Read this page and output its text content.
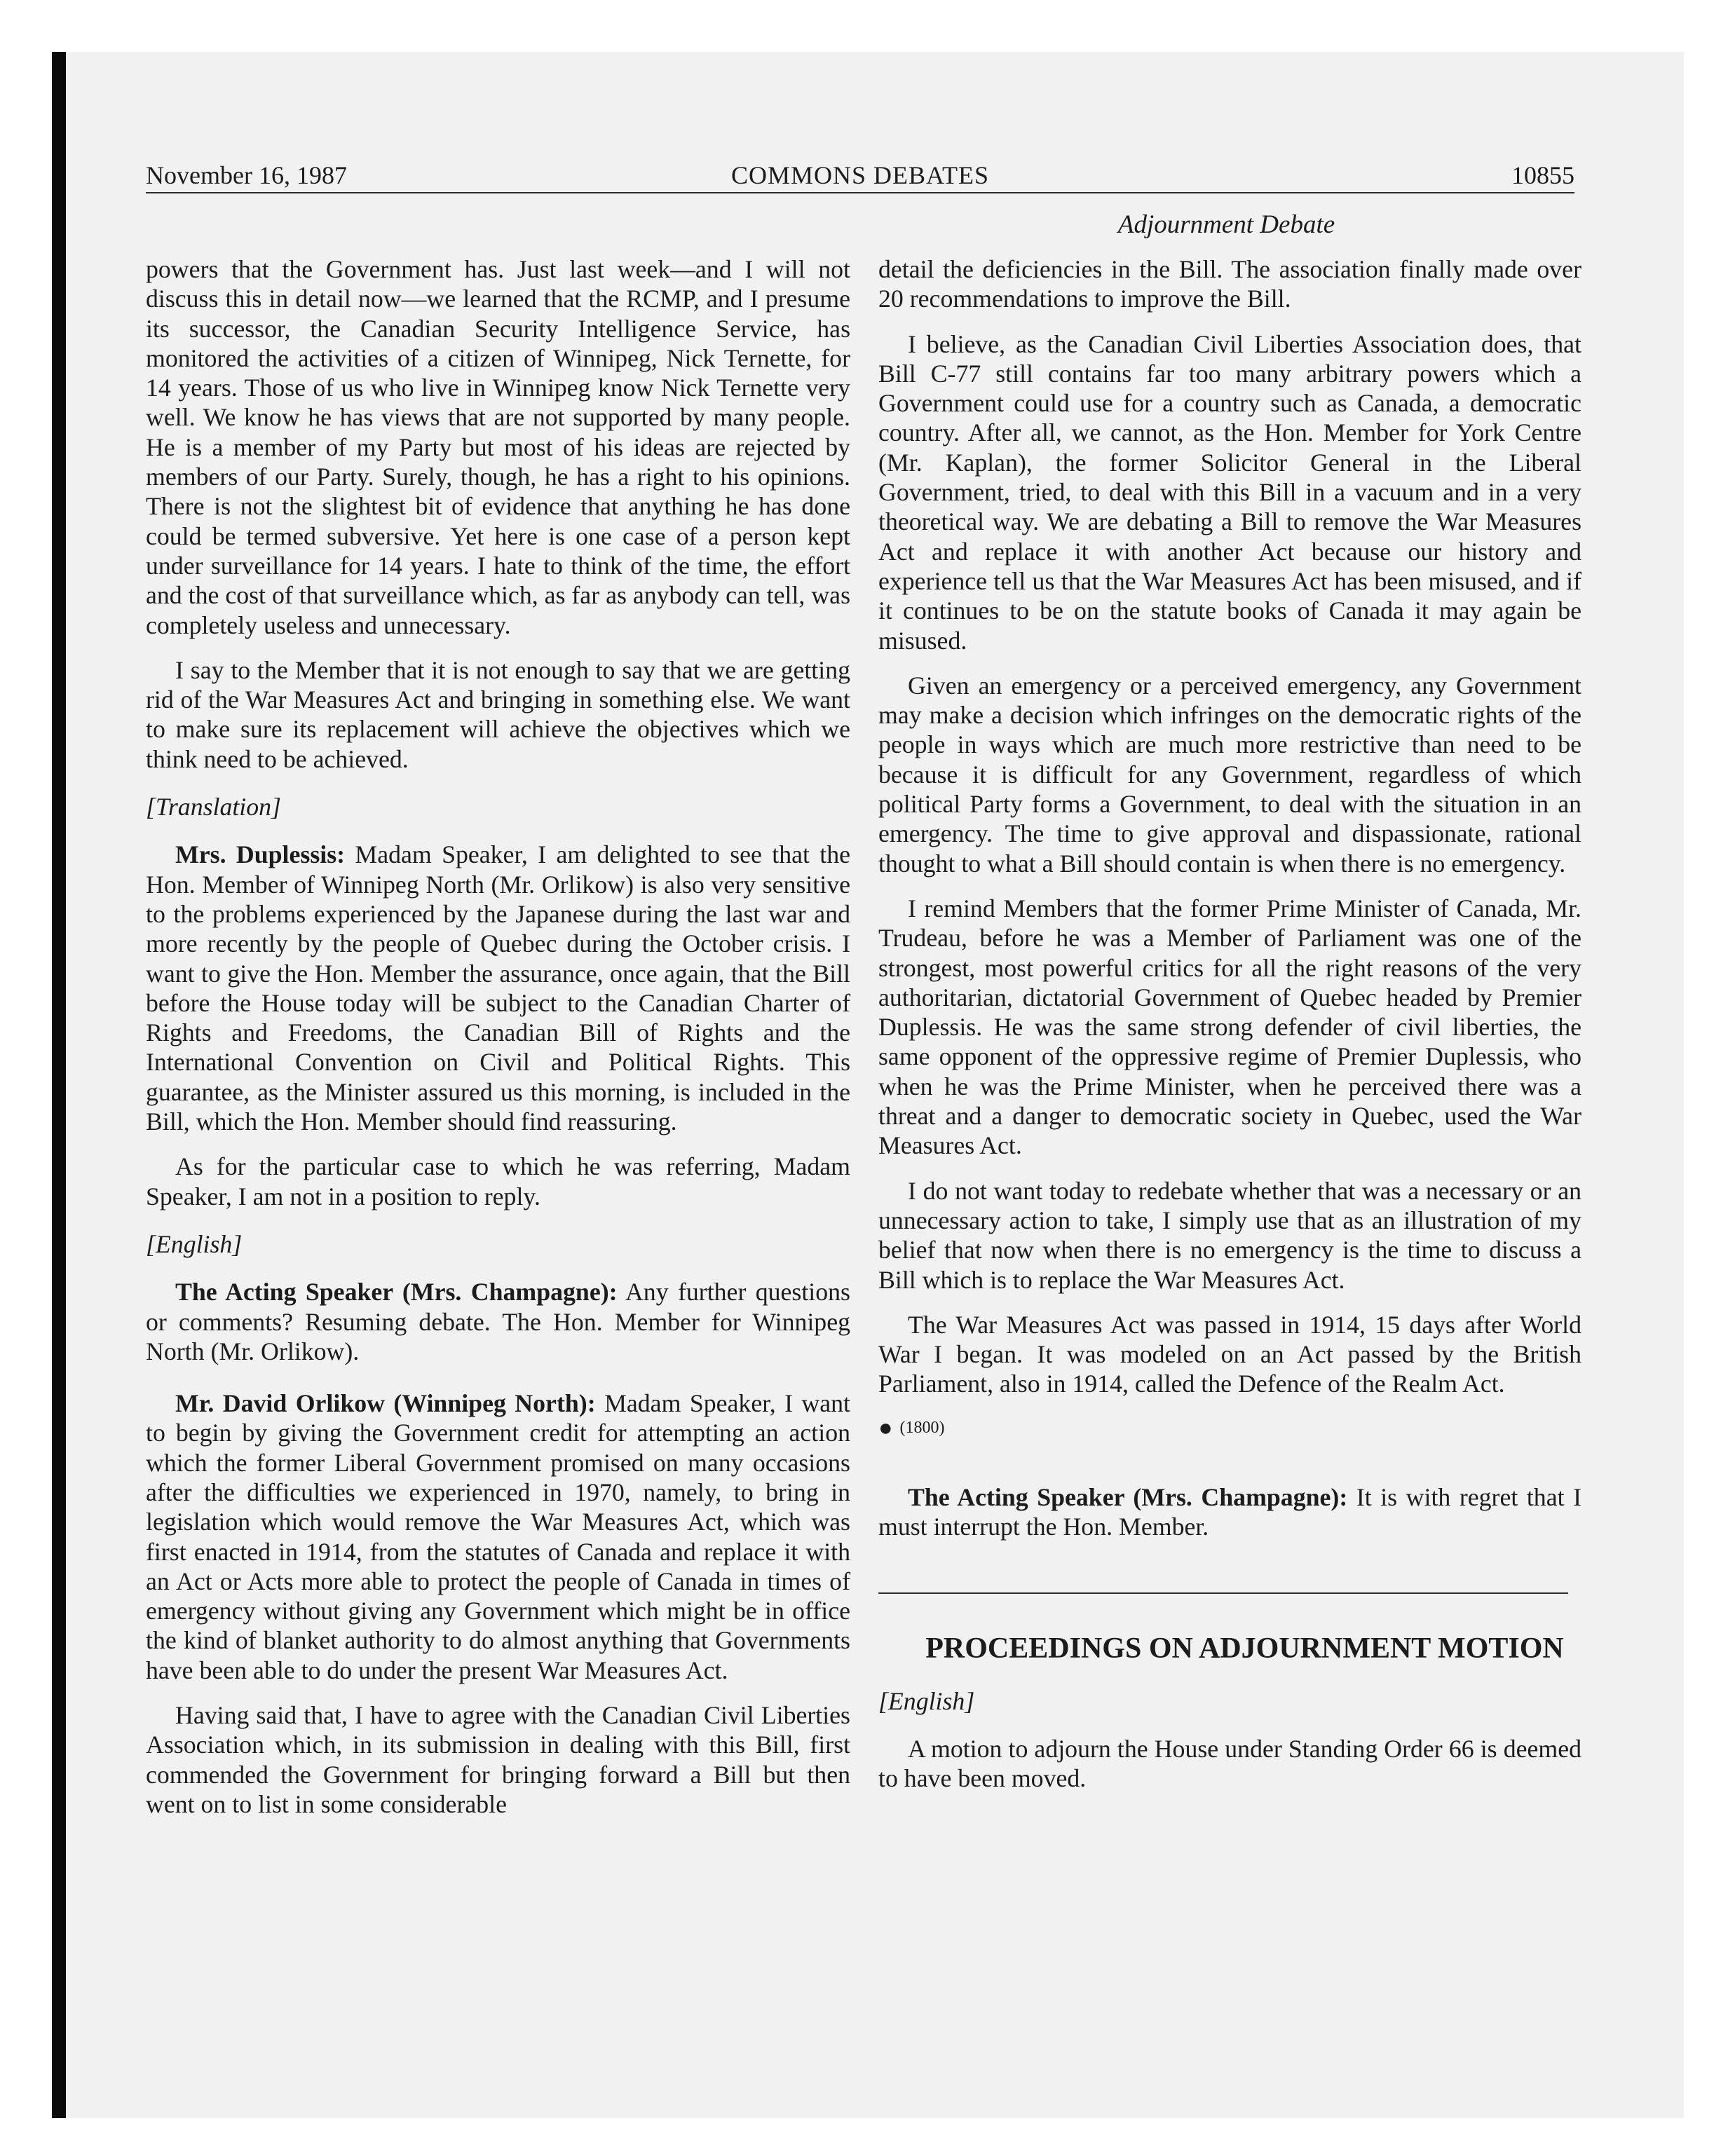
November 16, 1987	COMMONS DEBATES	10855
Adjournment Debate

powers that the Government has. Just last week—and I will not discuss this in detail now—we learned that the RCMP, and I presume its successor, the Canadian Security Intelligence Service, has monitored the activities of a citizen of Winnipeg, Nick Ternette, for 14 years. Those of us who live in Winnipeg know Nick Ternette very well. We know he has views that are not supported by many people. He is a member of my Party but most of his ideas are rejected by members of our Party. Surely, though, he has a right to his opinions. There is not the slightest bit of evidence that anything he has done could be termed subversive. Yet here is one case of a person kept under surveillance for 14 years. I hate to think of the time, the effort and the cost of that surveillance which, as far as anybody can tell, was completely useless and unnecessary.

I say to the Member that it is not enough to say that we are getting rid of the War Measures Act and bringing in something else. We want to make sure its replacement will achieve the objectives which we think need to be achieved.

[Translation]

Mrs. Duplessis: Madam Speaker, I am delighted to see that the Hon. Member of Winnipeg North (Mr. Orlikow) is also very sensitive to the problems experienced by the Japanese during the last war and more recently by the people of Quebec during the October crisis. I want to give the Hon. Member the assurance, once again, that the Bill before the House today will be subject to the Canadian Charter of Rights and Freedoms, the Canadian Bill of Rights and the International Convention on Civil and Political Rights. This guarantee, as the Minister assured us this morning, is included in the Bill, which the Hon. Member should find reassuring.

As for the particular case to which he was referring, Madam Speaker, I am not in a position to reply.

[English]

The Acting Speaker (Mrs. Champagne): Any further questions or comments? Resuming debate. The Hon. Member for Winnipeg North (Mr. Orlikow).

Mr. David Orlikow (Winnipeg North): Madam Speaker, I want to begin by giving the Government credit for attempting an action which the former Liberal Government promised on many occasions after the difficulties we experienced in 1970, namely, to bring in legislation which would remove the War Measures Act, which was first enacted in 1914, from the statutes of Canada and replace it with an Act or Acts more able to protect the people of Canada in times of emergency without giving any Government which might be in office the kind of blanket authority to do almost anything that Governments have been able to do under the present War Measures Act.

Having said that, I have to agree with the Canadian Civil Liberties Association which, in its submission in dealing with this Bill, first commended the Government for bringing forward a Bill but then went on to list in some considerable

detail the deficiencies in the Bill. The association finally made over 20 recommendations to improve the Bill.

I believe, as the Canadian Civil Liberties Association does, that Bill C-77 still contains far too many arbitrary powers which a Government could use for a country such as Canada, a democratic country. After all, we cannot, as the Hon. Member for York Centre (Mr. Kaplan), the former Solicitor General in the Liberal Government, tried, to deal with this Bill in a vacuum and in a very theoretical way. We are debating a Bill to remove the War Measures Act and replace it with another Act because our history and experience tell us that the War Measures Act has been misused, and if it continues to be on the statute books of Canada it may again be misused.

Given an emergency or a perceived emergency, any Government may make a decision which infringes on the democratic rights of the people in ways which are much more restrictive than need to be because it is difficult for any Government, regardless of which political Party forms a Government, to deal with the situation in an emergency. The time to give approval and dispassionate, rational thought to what a Bill should contain is when there is no emergency.

I remind Members that the former Prime Minister of Canada, Mr. Trudeau, before he was a Member of Parliament was one of the strongest, most powerful critics for all the right reasons of the very authoritarian, dictatorial Government of Quebec headed by Premier Duplessis. He was the same strong defender of civil liberties, the same opponent of the oppressive regime of Premier Duplessis, who when he was the Prime Minister, when he perceived there was a threat and a danger to democratic society in Quebec, used the War Measures Act.

I do not want today to redebate whether that was a necessary or an unnecessary action to take, I simply use that as an illustration of my belief that now when there is no emergency is the time to discuss a Bill which is to replace the War Measures Act.

The War Measures Act was passed in 1914, 15 days after World War I began. It was modeled on an Act passed by the British Parliament, also in 1914, called the Defence of the Realm Act.

● (1800)

The Acting Speaker (Mrs. Champagne): It is with regret that I must interrupt the Hon. Member.

PROCEEDINGS ON ADJOURNMENT MOTION

[English]

A motion to adjourn the House under Standing Order 66 is deemed to have been moved.
